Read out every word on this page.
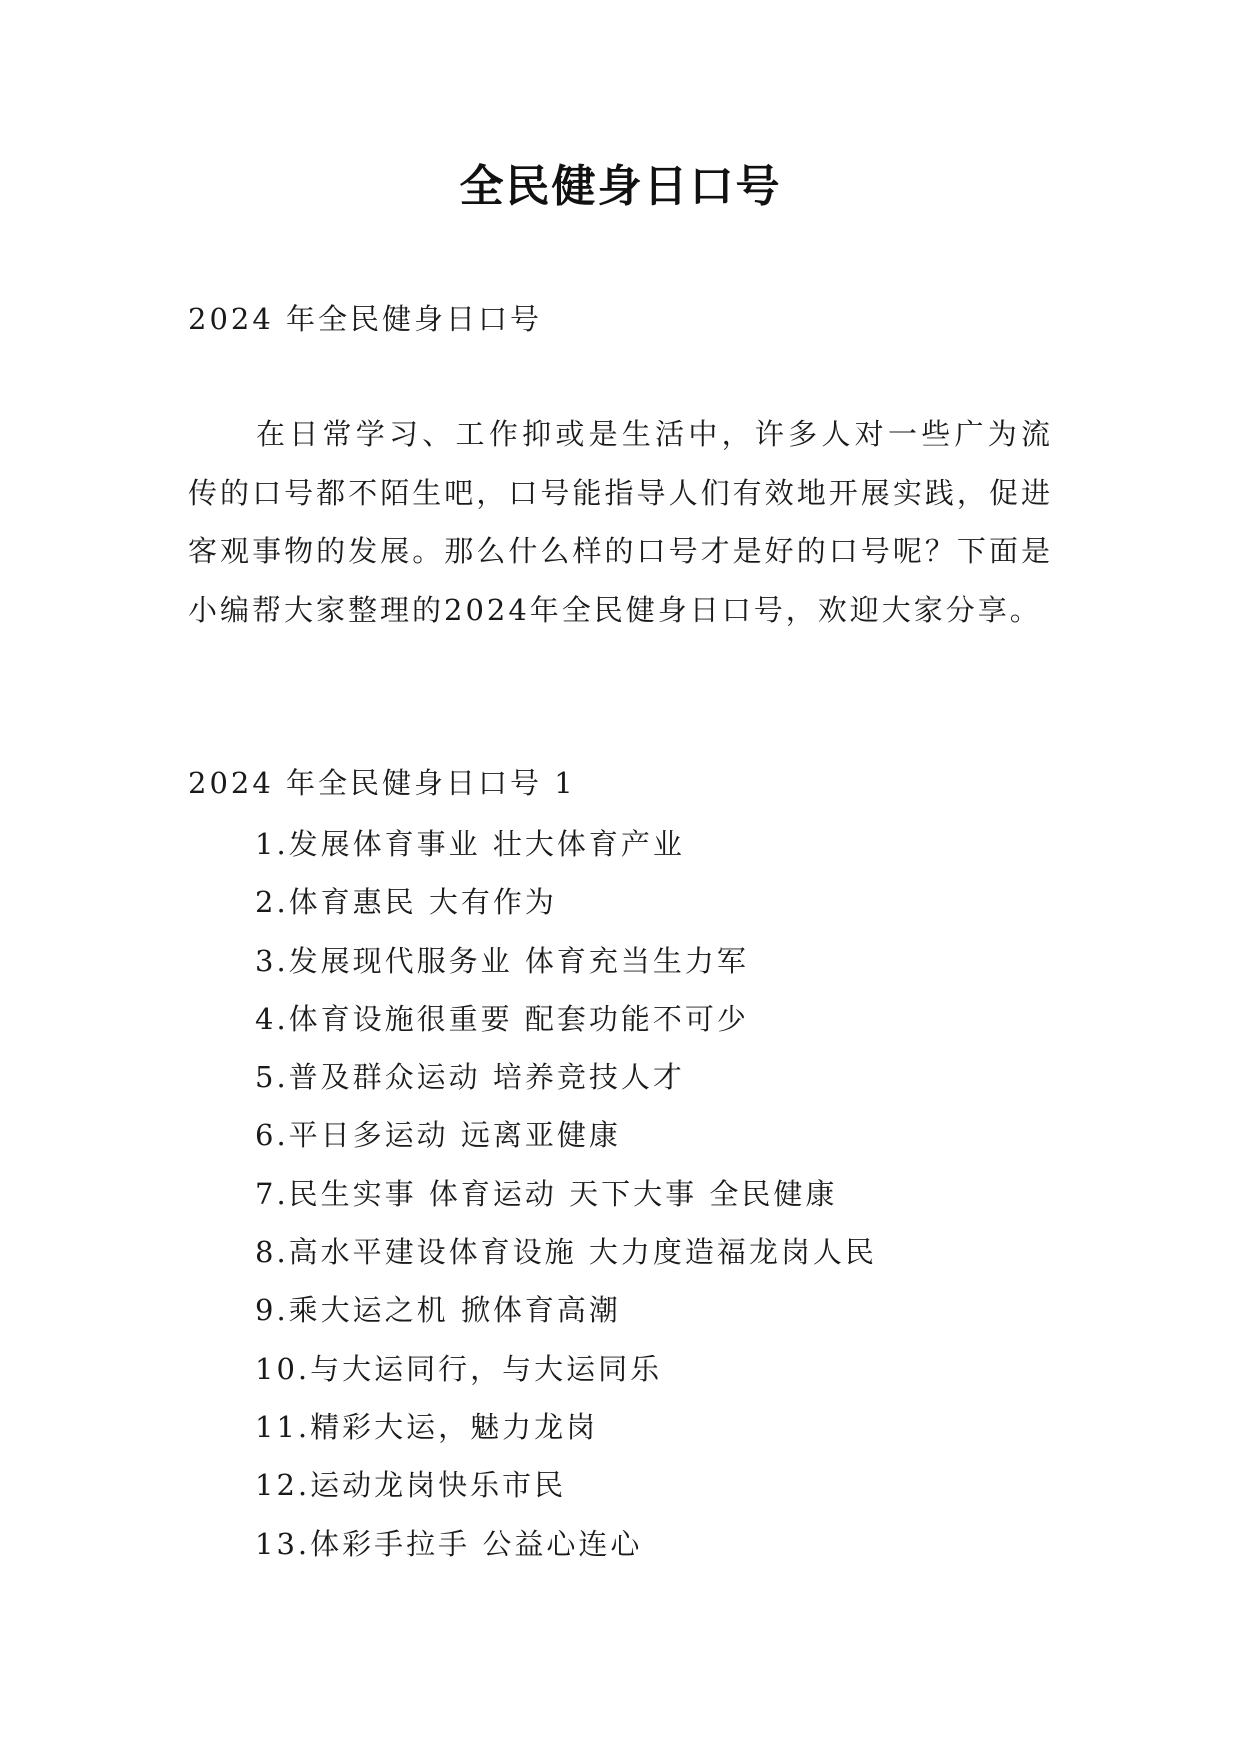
全民健身日口号

2024 年全民健身日口号

在日常学习、工作抑或是生活中，许多人对一些广为流传的口号都不陌生吧，口号能指导人们有效地开展实践，促进客观事物的发展。那么什么样的口号才是好的口号呢？下面是小编帮大家整理的2024年全民健身日口号，欢迎大家分享。

2024 年全民健身日口号 1

1.发展体育事业 壮大体育产业
2.体育惠民 大有作为
3.发展现代服务业 体育充当生力军
4.体育设施很重要 配套功能不可少
5.普及群众运动 培养竞技人才
6.平日多运动 远离亚健康
7.民生实事 体育运动 天下大事 全民健康
8.高水平建设体育设施 大力度造福龙岗人民
9.乘大运之机 掀体育高潮
10.与大运同行，与大运同乐
11.精彩大运，魅力龙岗
12.运动龙岗快乐市民
13.体彩手拉手 公益心连心
